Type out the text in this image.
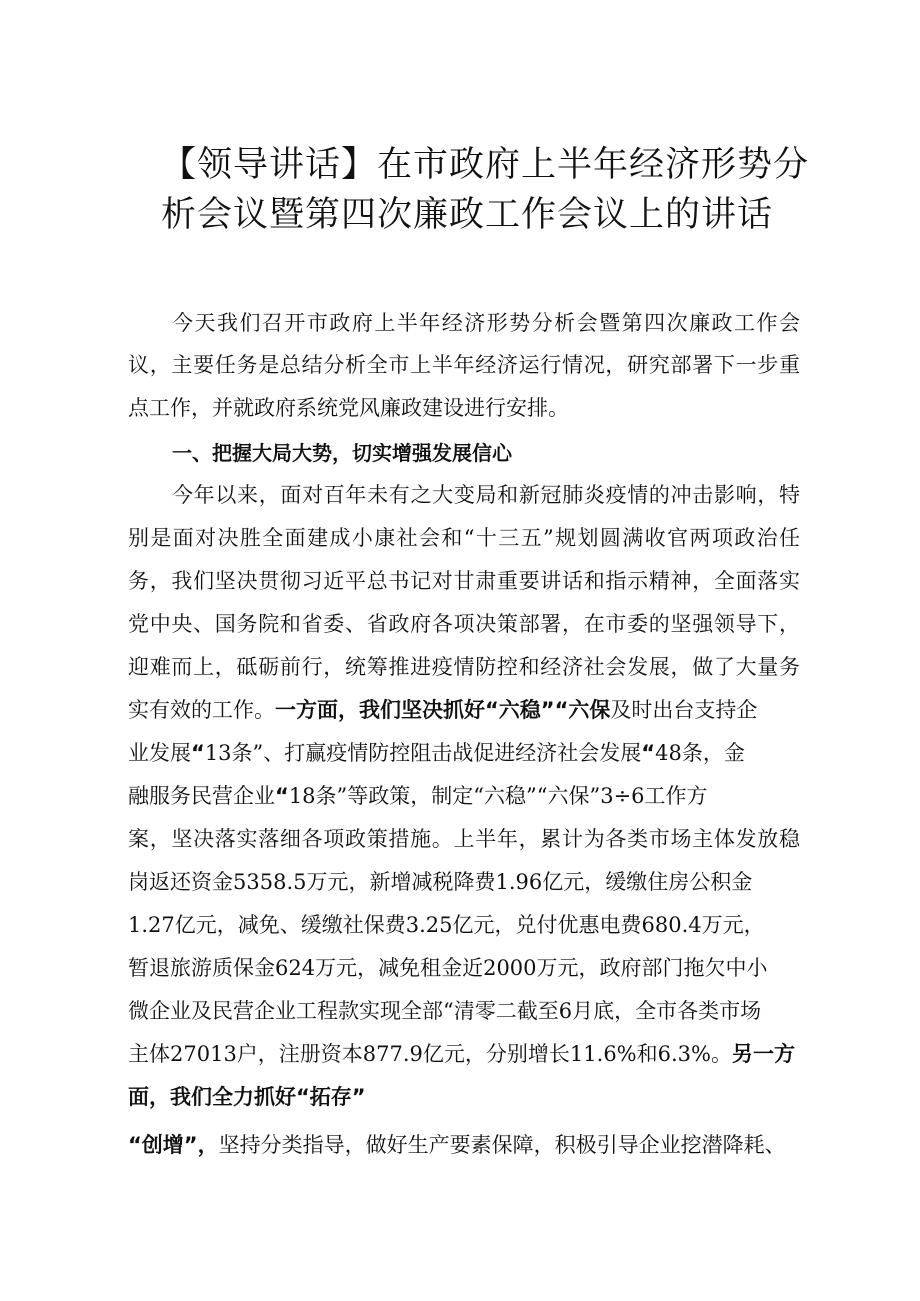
【领导讲话】在市政府上半年经济形势分
析会议暨第四次廉政工作会议上的讲话
今天我们召开市政府上半年经济形势分析会暨第四次廉政工作会
议，主要任务是总结分析全市上半年经济运行情况，研究部署下一步重
点工作，并就政府系统党风廉政建设进行安排。
一、把握大局大势，切实增强发展信心
今年以来，面对百年未有之大变局和新冠肺炎疫情的冲击影响，特
别是面对决胜全面建成小康社会和“十三五”规划圆满收官两项政治任
务，我们坚决贯彻习近平总书记对甘肃重要讲话和指示精神，全面落实
党中央、国务院和省委、省政府各项决策部署，在市委的坚强领导下，
迎难而上，砥砺前行，统筹推进疫情防控和经济社会发展，做了大量务
实有效的工作。一方面，我们坚决抓好“六稳”“六保及时出台支持企
业发展“13条”、打赢疫情防控阻击战促进经济社会发展“48条，金
融服务民营企业“18条”等政策，制定“六稳”“六保”3÷6工作方
案，坚决落实落细各项政策措施。上半年，累计为各类市场主体发放稳
岗返还资金5358.5万元，新增减税降费1.96亿元，缓缴住房公积金
1.27亿元，减免、缓缴社保费3.25亿元，兑付优惠电费680.4万元，
暂退旅游质保金624万元，减免租金近2000万元，政府部门拖欠中小
微企业及民营企业工程款实现全部“清零二截至6月底，全市各类市场
主体27013户，注册资本877.9亿元，分别增长11.6%和6.3%。另一方
面，我们全力抓好“拓存”
“创增”，坚持分类指导，做好生产要素保障，积极引导企业挖潜降耗、
